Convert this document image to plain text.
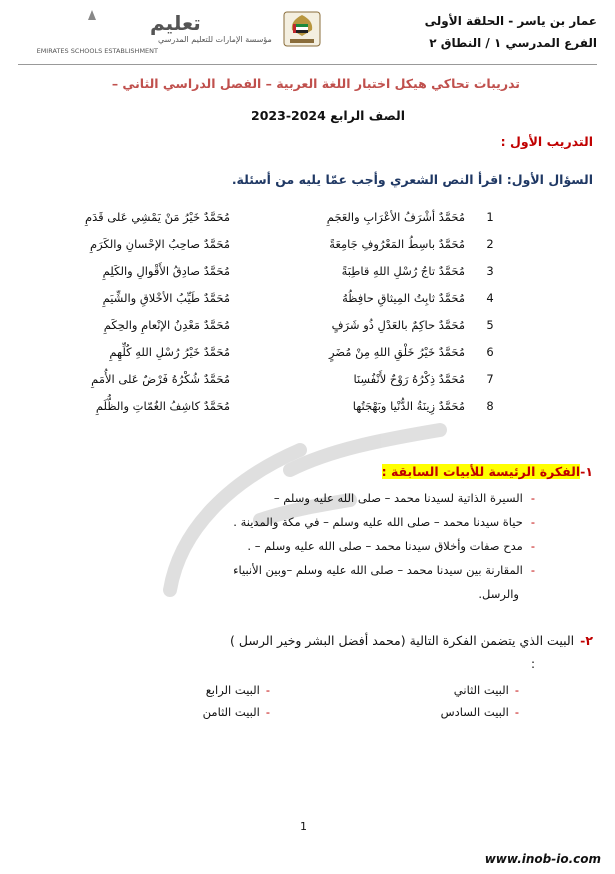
عمار بن ياسر - الحلقة الأولى
الفرع المدرسي ١ / النطاق ٢
تعليم
مؤسسة الإمارات للتعليم المدرسي
EMIRATES SCHOOLS ESTABLISHMENT
تدريبات تحاكي هيكل اختبار اللغة العربية – الفصل الدراسي الثاني –
الصف الرابع 2024-2023
التدريب الأول :
السؤال الأول: اقرأ النص الشعري وأجب عمّا يليه من أسئلة.
1
مُحَمَّدٌ أشْرَفُ الأعْرَابِ والعَجَمِ
مُحَمَّدٌ خَيْرُ مَنْ يَمْشِي عَلى قَدَمِ
2
مُحَمَّدٌ باسِطُ المَعْرُوفِ جَامِعَةً
مُحَمَّدٌ صاحِبُ الإحْسانِ والكَرَمِ
3
مُحَمَّدٌ تاجُ رُسْلِ اللهِ قاطِبَةً
مُحَمَّدٌ صادِقُ الأَقْوالِ والكَلِمِ
4
مُحَمَّدٌ ثابِتُ المِيثاقِ حافِظُهُ
مُحَمَّدٌ طَيِّبُ الأخْلاقِ والشِّيَمِ
5
مُحَمَّدٌ حاكِمٌ بالعَدْلِ ذُو شَرَفٍ
مُحَمَّدٌ مَعْدِنُ الإنْعامِ والحِكَمِ
6
مُحَمَّدٌ خَيْرُ خَلْقِ اللهِ مِنْ مُضَرٍ
مُحَمَّدٌ خَيْرُ رُسْلِ اللهِ كُلِّهِمِ
7
مُحَمَّدٌ ذِكْرُهُ رَوْحٌ لأَنْفُسِنَا
مُحَمَّدٌ شُكْرُهُ فَرْضٌ عَلى الأُمَمِ
8
مُحَمَّدٌ زِينَةُ الدُّنْيا وبَهْجَتُها
مُحَمَّدٌ كاشِفُ الغُمّاتِ والظُّلَمِ
١-الفكرة الرئيسة للأبيات السابقة :
-السيرة الذاتية لسيدنا محمد – صلى الله عليه وسلم –
-حياة سيدنا محمد – صلى الله عليه وسلم – في مكة والمدينة .
-مدح صفات وأخلاق سيدنا محمد – صلى الله عليه وسلم – .
-المقارنة بين سيدنا محمد – صلى الله عليه وسلم –وبين الأنبياء
والرسل.
٢-البيت الذي يتضمن الفكرة التالية (محمد أفضل البشر وخير الرسل )
:
-البيت الثاني
-البيت الرابع
-البيت السادس
-البيت الثامن
1
www.inob-io.com
